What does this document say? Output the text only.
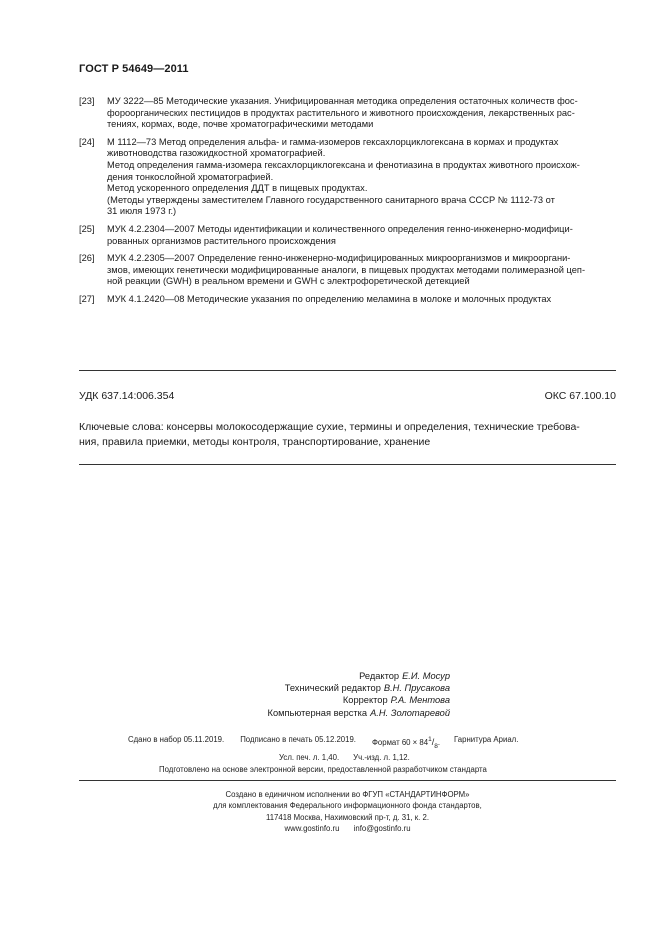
ГОСТ Р 54649—2011
[23]	МУ 3222—85 Методические указания. Унифицированная методика определения остаточных количеств фос-
фороорганических пестицидов в продуктах растительного и животного происхождения, лекарственных рас-
тениях, кормах, воде, почве хроматографическими методами
[24]	М 1112—73 Метод определения альфа- и гамма-изомеров гексахлорциклогексана в кормах и продуктах
животноводства газожидкостной хроматографией.
Метод определения гамма-изомера гексахлорциклогексана и фенотиазина в продуктах животного происхож-
дения тонкослойной хроматографией.
Метод ускоренного определения ДДТ в пищевых продуктах.
(Методы утверждены заместителем Главного государственного санитарного врача СССР № 1112-73 от
31 июля 1973 г.)
[25]	МУК 4.2.2304—2007 Методы идентификации и количественного определения генно-инженерно-модифици-
рованных организмов растительного происхождения
[26]	МУК 4.2.2305—2007 Определение генно-инженерно-модифицированных микроорганизмов и микрооргани-
змов, имеющих генетически модифицированные аналоги, в пищевых продуктах методами полимеразной цеп-
ной реакции (GWH) в реальном времени и GWH с электрофоретической детекцией
[27]	МУК 4.1.2420—08 Методические указания по определению меламина в молоке и молочных продуктах
УДК 637.14:006.354	ОКС 67.100.10
Ключевые слова: консервы молокосодержащие сухие, термины и определения, технические требова-
ния, правила приемки, методы контроля, транспортирование, хранение
Редактор Е.И. Мосур
Технический редактор В.Н. Прусакова
Корректор Р.А. Ментова
Компьютерная верстка А.Н. Золотаревой
Сдано в набор 05.11.2019. Подписано в печать 05.12.2019. Формат $60 \times 84^1/_8$. Гарнитура Ариал.
Усл. печ. л. 1,40. Уч.-изд. л. 1,12.
Подготовлено на основе электронной версии, предоставленной разработчиком стандарта
Создано в единичном исполнении во ФГУП «СТАНДАРТИНФОРМ»
для комплектования Федерального информационного фонда стандартов,
117418 Москва, Нахимовский пр-т, д. 31, к. 2.
www.gostinfo.ru info@gostinfo.ru
